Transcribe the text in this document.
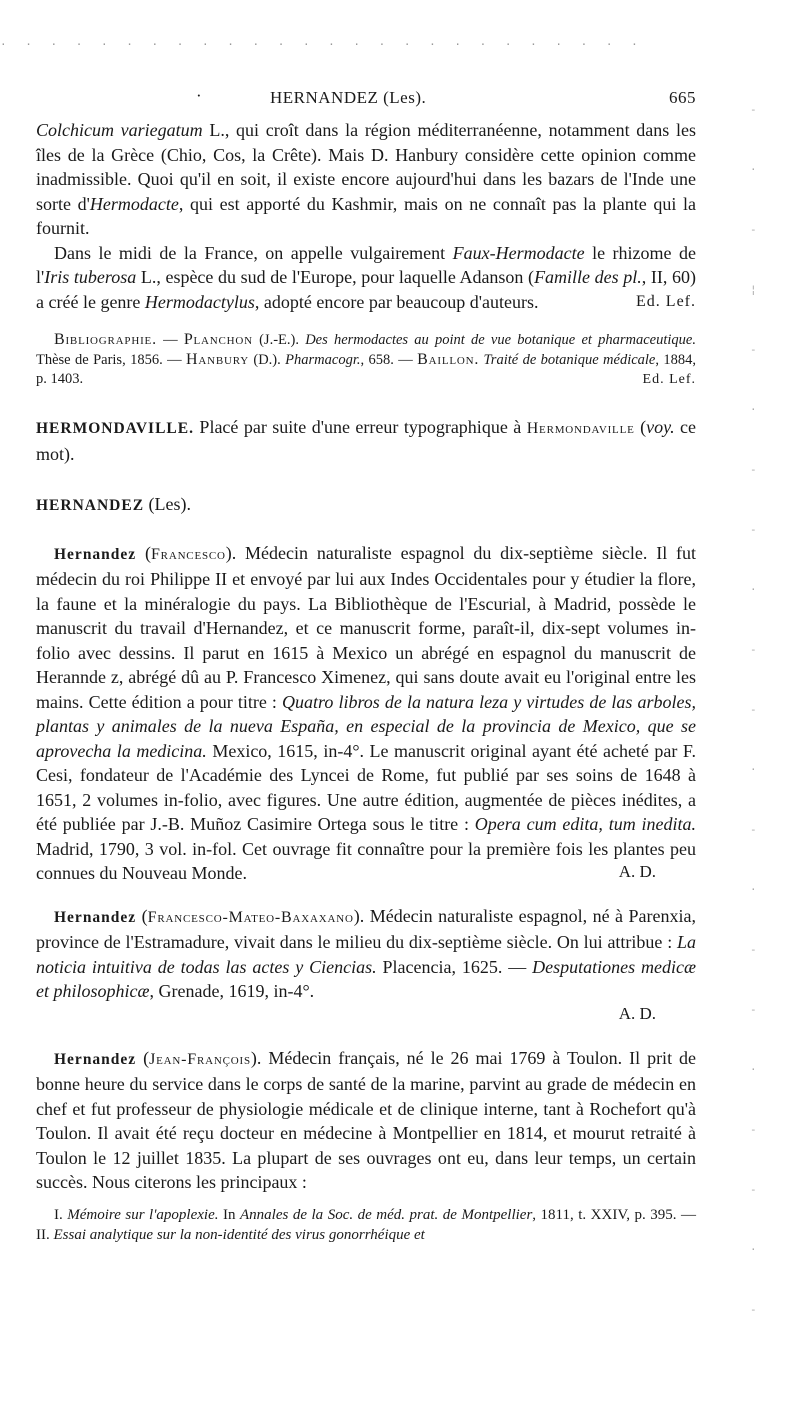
· · · · · · · · · · · · · · · · · · · · · · · · · ·
·	HERNANDEZ (Les).	665

Colchicum variegatum L., qui croît dans la région méditerranéenne, notamment dans les îles de la Grèce (Chio, Cos, la Crête). Mais D. Hanbury considère cette opinion comme inadmissible. Quoi qu'il en soit, il existe encore aujourd'hui dans les bazars de l'Inde une sorte d'Hermodacte, qui est apporté du Kashmir, mais on ne connaît pas la plante qui la fournit.

Dans le midi de la France, on appelle vulgairement Faux-Hermodacte le rhizome de l'Iris tuberosa L., espèce du sud de l'Europe, pour laquelle Adanson (Famille des pl., II, 60) a créé le genre Hermodactylus, adopté encore par beaucoup d'auteurs.	Ed. Lef.

Bibliographie. — Planchon (J.-E.). Des hermodactes au point de vue botanique et pharmaceutique. Thèse de Paris, 1856. — Hanbury (D.). Pharmacogr., 658. — Baillon. Traité de botanique médicale, 1884, p. 1403.	Ed. Lef.

HERMONDAVILLE. Placé par suite d'une erreur typographique à Hermondaville (voy. ce mot).

HERNANDEZ (Les).

Hernandez (Francesco). Médecin naturaliste espagnol du dix-septième siècle. Il fut médecin du roi Philippe II et envoyé par lui aux Indes Occidentales pour y étudier la flore, la faune et la minéralogie du pays. La Bibliothèque de l'Escurial, à Madrid, possède le manuscrit du travail d'Hernandez, et ce manuscrit forme, paraît-il, dix-sept volumes in-folio avec dessins. Il parut en 1615 à Mexico un abrégé en espagnol du manuscrit de Herannde z, abrégé dû au P. Francesco Ximenez, qui sans doute avait eu l'original entre les mains. Cette édition a pour titre : Quatro libros de la natura leza y virtudes de las arboles, plantas y animales de la nueva España, en especial de la provincia de Mexico, que se aprovecha la medicina. Mexico, 1615, in-4°. Le manuscrit original ayant été acheté par F. Cesi, fondateur de l'Académie des Lyncei de Rome, fut publié par ses soins de 1648 à 1651, 2 volumes in-folio, avec figures. Une autre édition, augmentée de pièces inédites, a été publiée par J.-B. Muñoz Casimire Ortega sous le titre : Opera cum edita, tum inedita. Madrid, 1790, 3 vol. in-fol. Cet ouvrage fit connaître pour la première fois les plantes peu connues du Nouveau Monde.	A. D.

Hernandez (Francesco-Mateo-Baxaxano). Médecin naturaliste espagnol, né à Parenxia, province de l'Estramadure, vivait dans le milieu du dix-septième siècle. On lui attribue : La noticia intuitiva de todas las actes y Ciencias. Placencia, 1625. — Desputationes medicæ et philosophicæ, Grenade, 1619, in-4°.

A. D.

Hernandez (Jean-François). Médecin français, né le 26 mai 1769 à Toulon. Il prit de bonne heure du service dans le corps de santé de la marine, parvint au grade de médecin en chef et fut professeur de physiologie médicale et de clinique interne, tant à Rochefort qu'à Toulon. Il avait été reçu docteur en médecine à Montpellier en 1814, et mourut retraité à Toulon le 12 juillet 1835. La plupart de ses ouvrages ont eu, dans leur temps, un certain succès. Nous citerons les principaux :

I. Mémoire sur l'apoplexie. In Annales de la Soc. de méd. prat. de Montpellier, 1811, t. XXIV, p. 395. — II. Essai analytique sur la non-identité des virus gonorrhéique et

-
·
-
¦
-
·
-
-
·
-
-
·
-
·
-
-
·
-
-
·
-
